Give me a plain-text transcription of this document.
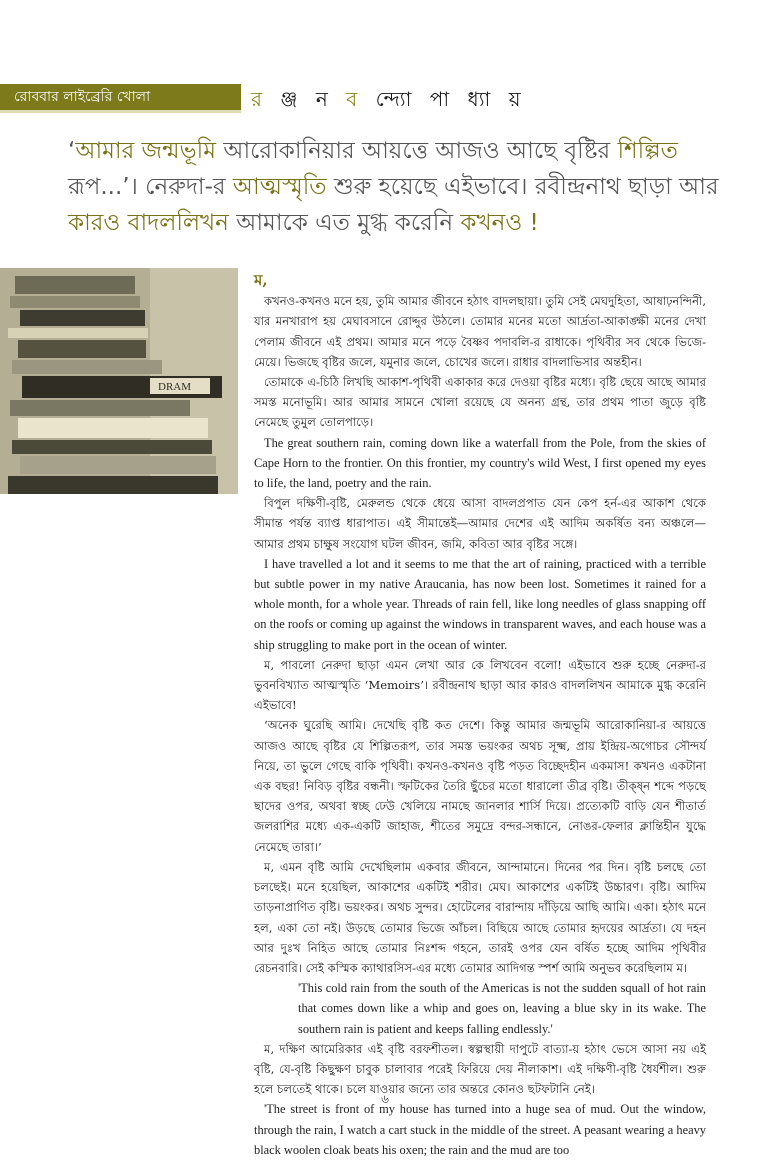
রোববার লাইব্রেরি খোলা	র ঞ্জ ন ব ন্দ্যো পা ধ্যা য়
‘আমার জন্মভূমি আরোকানিয়ার আয়ত্তে আজও আছে বৃষ্টির শিল্পিত রূপ...’। নেরুদা-র আত্মস্মৃতি শুরু হয়েছে এইভাবে। রবীন্দ্রনাথ ছাড়া আর কারও বাদললিখন আমাকে এত মুগ্ধ করেনি কখনও !
DRAM

ম,

কখনও-কখনও মনে হয়, তুমি আমার জীবনে হঠাৎ বাদলছায়া। তুমি সেই মেঘদুহিতা, আষাঢ়নন্দিনী, যার মনখারাপ হয় মেঘাবসানে রোদ্দুর উঠলে। তোমার মনের মতো আর্দ্রতা-আকাঙ্ক্ষী মনের দেখা পেলাম জীবনে এই প্রথম। আমার মনে পড়ে বৈষ্ণব পদাবলি-র রাধাকে। পৃথিবীর সব থেকে ভিজে-মেয়ে। ভিজছে বৃষ্টির জলে, যমুনার জলে, চোখের জলে। রাধার বাদলাভিসার অন্তহীন।

তোমাকে এ-চিঠি লিখছি আকাশ-পৃথিবী একাকার করে দেওয়া বৃষ্টির মধ্যে। বৃষ্টি ছেয়ে আছে আমার সমস্ত মনোভূমি। আর আমার সামনে খোলা রয়েছে যে অনন্য গ্রন্থ, তার প্রথম পাতা জুড়ে বৃষ্টি নেমেছে তুমুল তোলপাড়ে।

The great southern rain, coming down like a waterfall from the Pole, from the skies of Cape Horn to the frontier. On this frontier, my country's wild West, I first opened my eyes to life, the land, poetry and the rain.

বিপুল দক্ষিণী-বৃষ্টি, মেরুলন্ড থেকে ধেয়ে আসা বাদলপ্রপাত যেন কেপ হর্ন-এর আকাশ থেকে সীমান্ত পর্যন্ত ব্যাপ্ত ধারাপাত। এই সীমান্তেই—আমার দেশের এই আদিম অকর্ষিত বন্য অঞ্চলে—আমার প্রথম চাক্ষুষ সংযোগ ঘটল জীবন, জমি, কবিতা আর বৃষ্টির সঙ্গে।

I have travelled a lot and it seems to me that the art of raining, practiced with a terrible but subtle power in my native Araucania, has now been lost. Sometimes it rained for a whole month, for a whole year. Threads of rain fell, like long needles of glass snapping off on the roofs or coming up against the windows in transparent waves, and each house was a ship struggling to make port in the ocean of winter.

ম, পাবলো নেরুদা ছাড়া এমন লেখা আর কে লিখবেন বলো! এইভাবে শুরু হচ্ছে নেরুদা-র ভুবনবিখ্যাত আত্মস্মৃতি ‘Memoirs’। রবীন্দ্রনাথ ছাড়া আর কারও বাদললিখন আমাকে মুগ্ধ করেনি এইভাবে!

‘অনেক ঘুরেছি আমি। দেখেছি বৃষ্টি কত দেশে। কিন্তু আমার জন্মভূমি আরোকানিয়া-র আয়ত্তে আজও আছে বৃষ্টির যে শিল্পিতরূপ, তার সমস্ত ভয়ংকর অথচ সূক্ষ্ম, প্রায় ইন্দ্রিয়-অগোচর সৌন্দর্য নিয়ে, তা ভুলে গেছে বাকি পৃথিবী। কখনও-কখনও বৃষ্টি পড়ত বিচ্ছেদহীন একমাস! কখনও একটানা এক বছর! নিবিড় বৃষ্টির বন্ধনী। স্ফটিকের তৈরি ছুঁচের মতো ধারালো তীব্র বৃষ্টি। তীক্ষ্ন শব্দে পড়ছে ছাদের ওপর, অথবা স্বচ্ছ ঢেউ খেলিয়ে নামছে জানলার শার্সি দিয়ে। প্রত্যেকটি বাড়ি যেন শীতার্ত জলরাশির মধ্যে এক-একটি জাহাজ, শীতের সমুদ্রে বন্দর-সন্ধানে, নোঙর-ফেলার ক্লান্তিহীন যুদ্ধে নেমেছে তারা।’

ম, এমন বৃষ্টি আমি দেখেছিলাম একবার জীবনে, আন্দামানে। দিনের পর দিন। বৃষ্টি চলছে তো চলছেই। মনে হয়েছিল, আকাশের একটিই শরীর। মেঘ। আকাশের একটিই উচ্চারণ। বৃষ্টি। আদিম তাড়নাপ্রাণিত বৃষ্টি। ভয়ংকর। অথচ সুন্দর। হোটেলের বারান্দায় দাঁড়িয়ে আছি আমি। একা। হঠাৎ মনে হল, একা তো নই। উড়ছে তোমার ভিজে আঁচল। বিছিয়ে আছে তোমার হৃদয়ের আর্দ্রতা। যে দহন আর দুঃখ নিহিত আছে তোমার নিঃশব্দ গহনে, তারই ওপর যেন বর্ষিত হচ্ছে আদিম পৃথিবীর রেচনবারি। সেই কস্মিক ক্যাথারসিস-এর মধ্যে তোমার আদিগন্ত স্পর্শ আমি অনুভব করেছিলাম ম।

'This cold rain from the south of the Americas is not the sudden squall of hot rain that comes down like a whip and goes on, leaving a blue sky in its wake. The southern rain is patient and keeps falling endlessly.'

ম, দক্ষিণ আমেরিকার এই বৃষ্টি বরফশীতল। স্বল্পস্থায়ী দাপুটে বাত্যা-য় হঠাৎ ভেসে আসা নয় এই বৃষ্টি, যে-বৃষ্টি কিছুক্ষণ চাবুক চালাবার পরেই ফিরিয়ে দেয় নীলাকাশ। এই দক্ষিণী-বৃষ্টি ধৈর্যশীল। শুরু হলে চলতেই থাকে। চলে যাওয়ার জন্যে তার অন্তরে কোনও ছটফটানি নেই।

'The street is front of my house has turned into a huge sea of mud. Out the window, through the rain, I watch a cart stuck in the middle of the street. A peasant wearing a heavy black woolen cloak beats his oxen; the rain and the mud are too

৬
